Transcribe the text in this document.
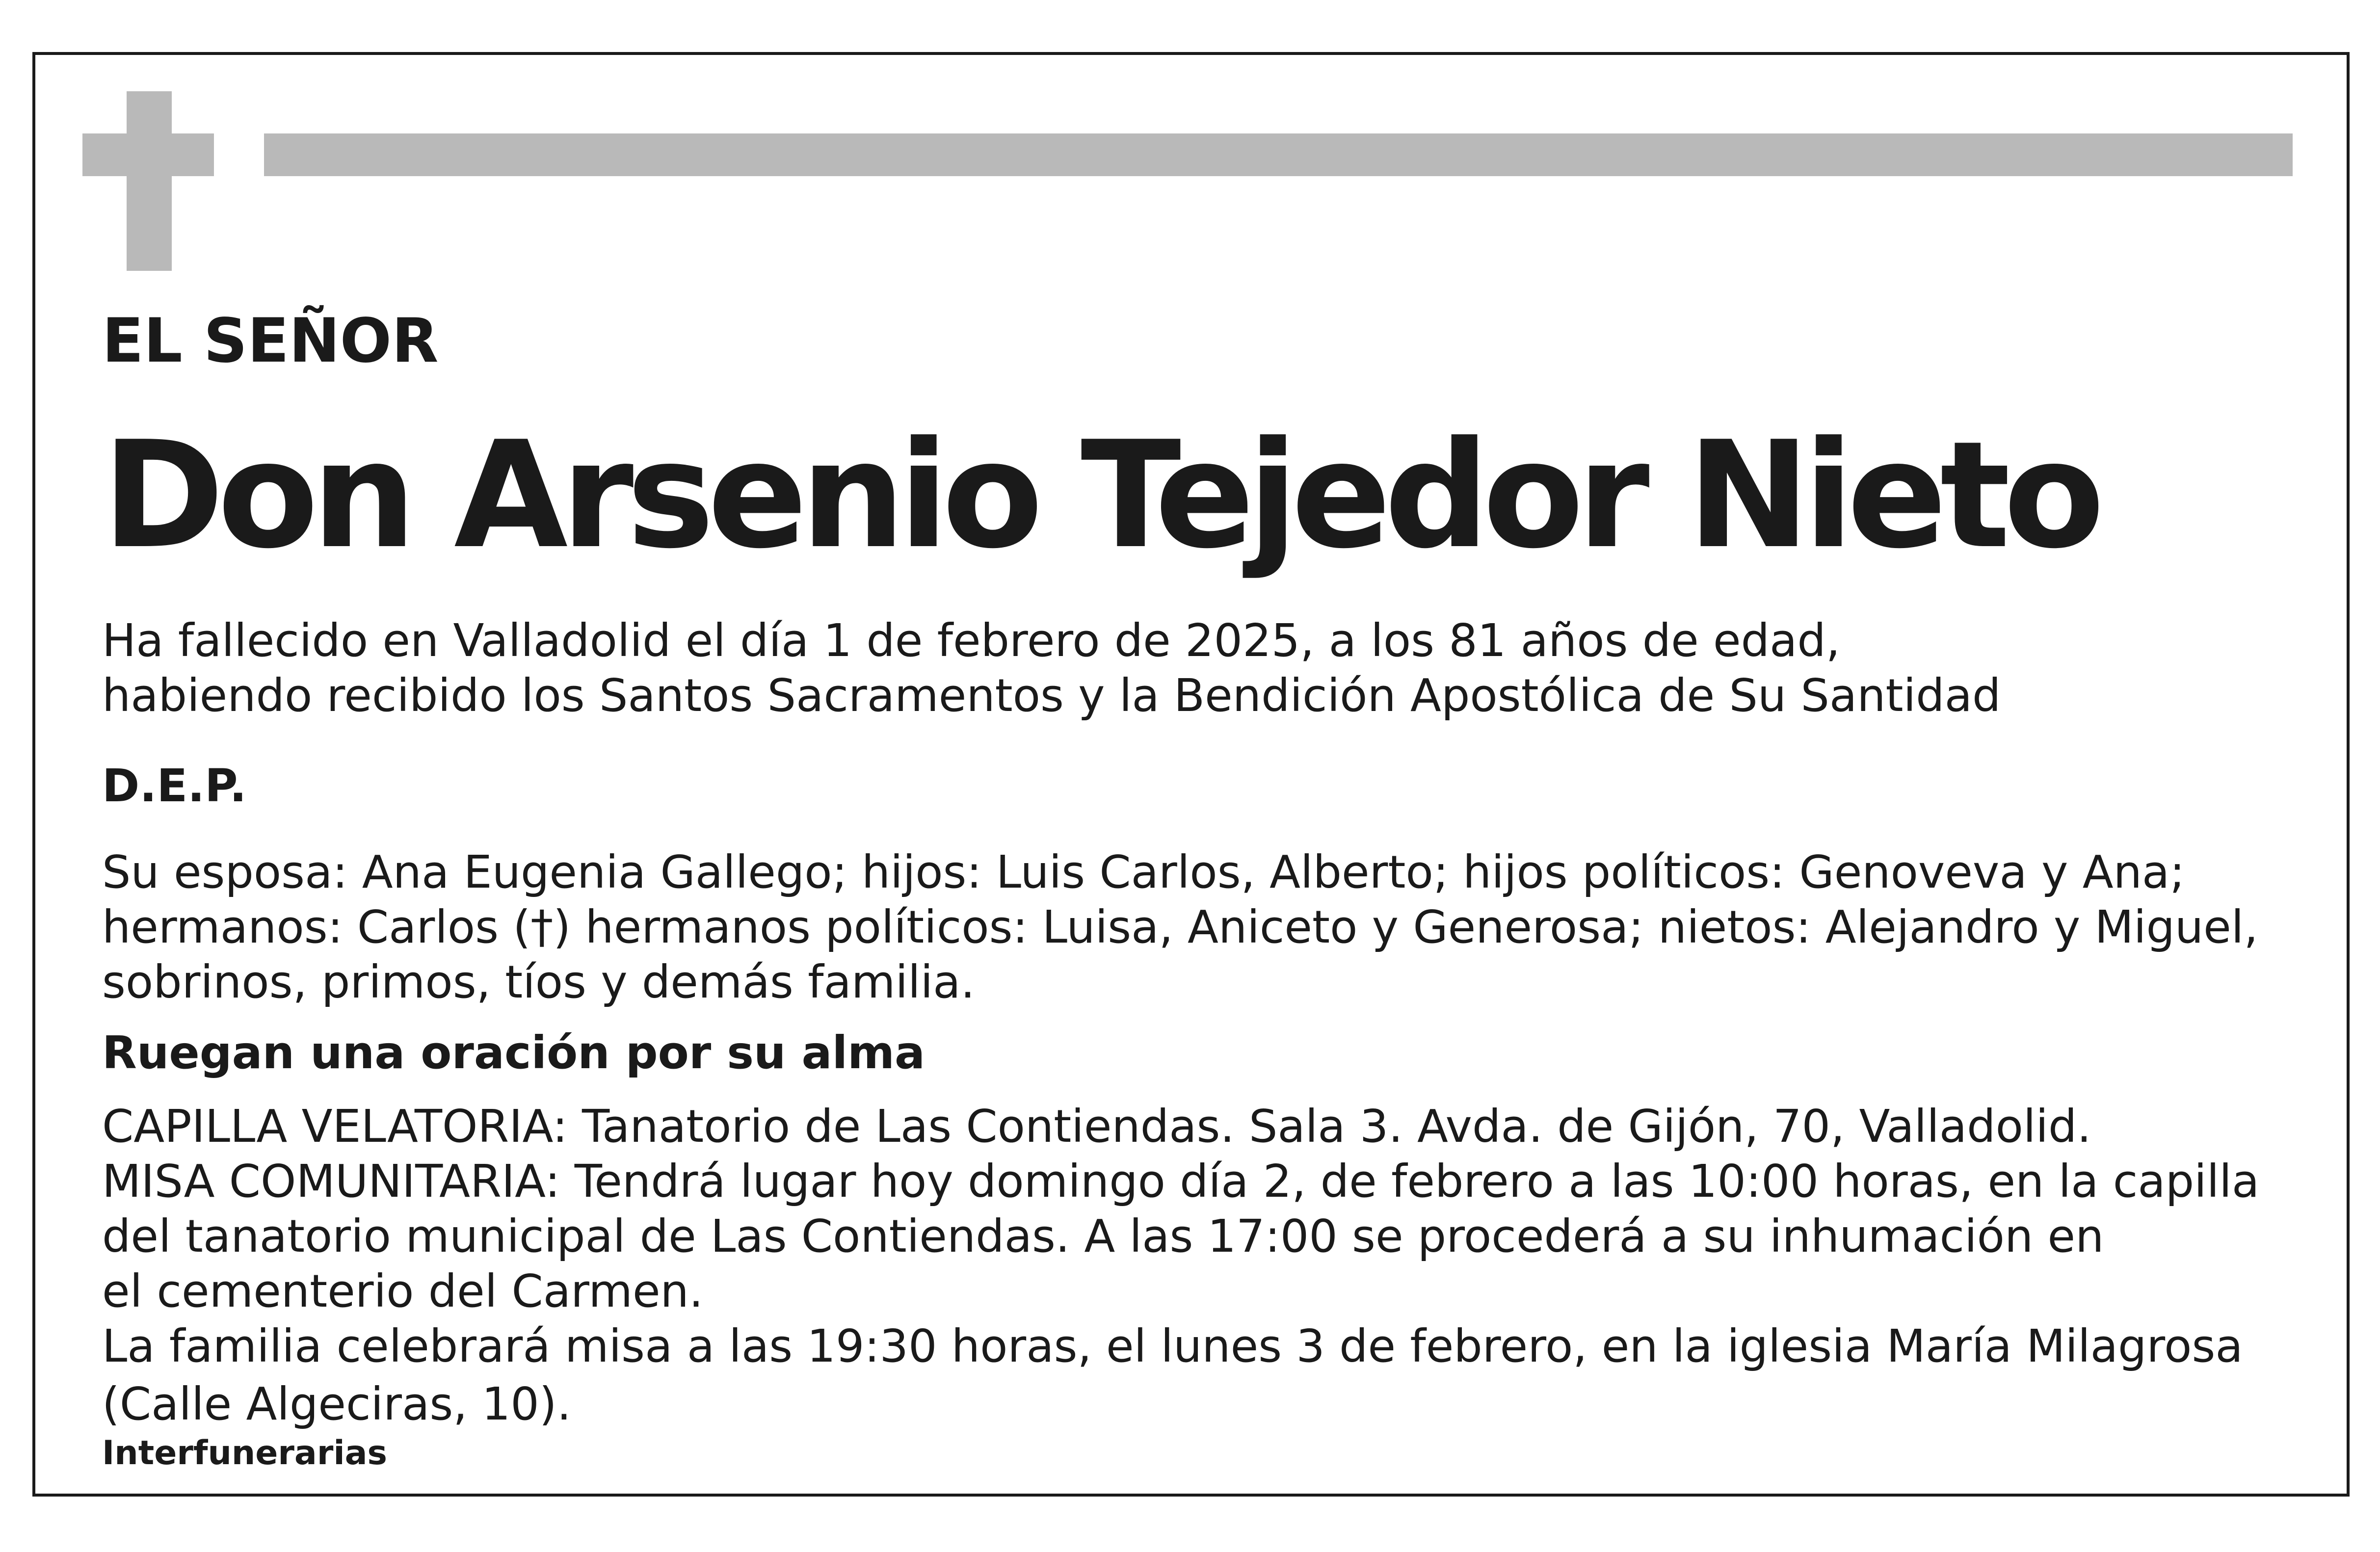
EL SEÑOR

Don Arsenio Tejedor Nieto

Ha fallecido en Valladolid el día 1 de febrero de 2025, a los 81 años de edad,
habiendo recibido los Santos Sacramentos y la Bendición Apostólica de Su Santidad

D.E.P.

Su esposa: Ana Eugenia Gallego; hijos: Luis Carlos, Alberto; hijos políticos: Genoveva y Ana;
hermanos: Carlos (†) hermanos políticos: Luisa, Aniceto y Generosa; nietos: Alejandro y Miguel,
sobrinos, primos, tíos y demás familia.

Ruegan una oración por su alma

CAPILLA VELATORIA: Tanatorio de Las Contiendas. Sala 3. Avda. de Gijón, 70, Valladolid.
MISA COMUNITARIA: Tendrá lugar hoy domingo día 2, de febrero a las 10:00 horas, en la capilla
del tanatorio municipal de Las Contiendas. A las 17:00 se procederá a su inhumación en
el cementerio del Carmen.
La familia celebrará misa a las 19:30 horas, el lunes 3 de febrero, en la iglesia María Milagrosa
(Calle Algeciras, 10).

Interfunerarias
